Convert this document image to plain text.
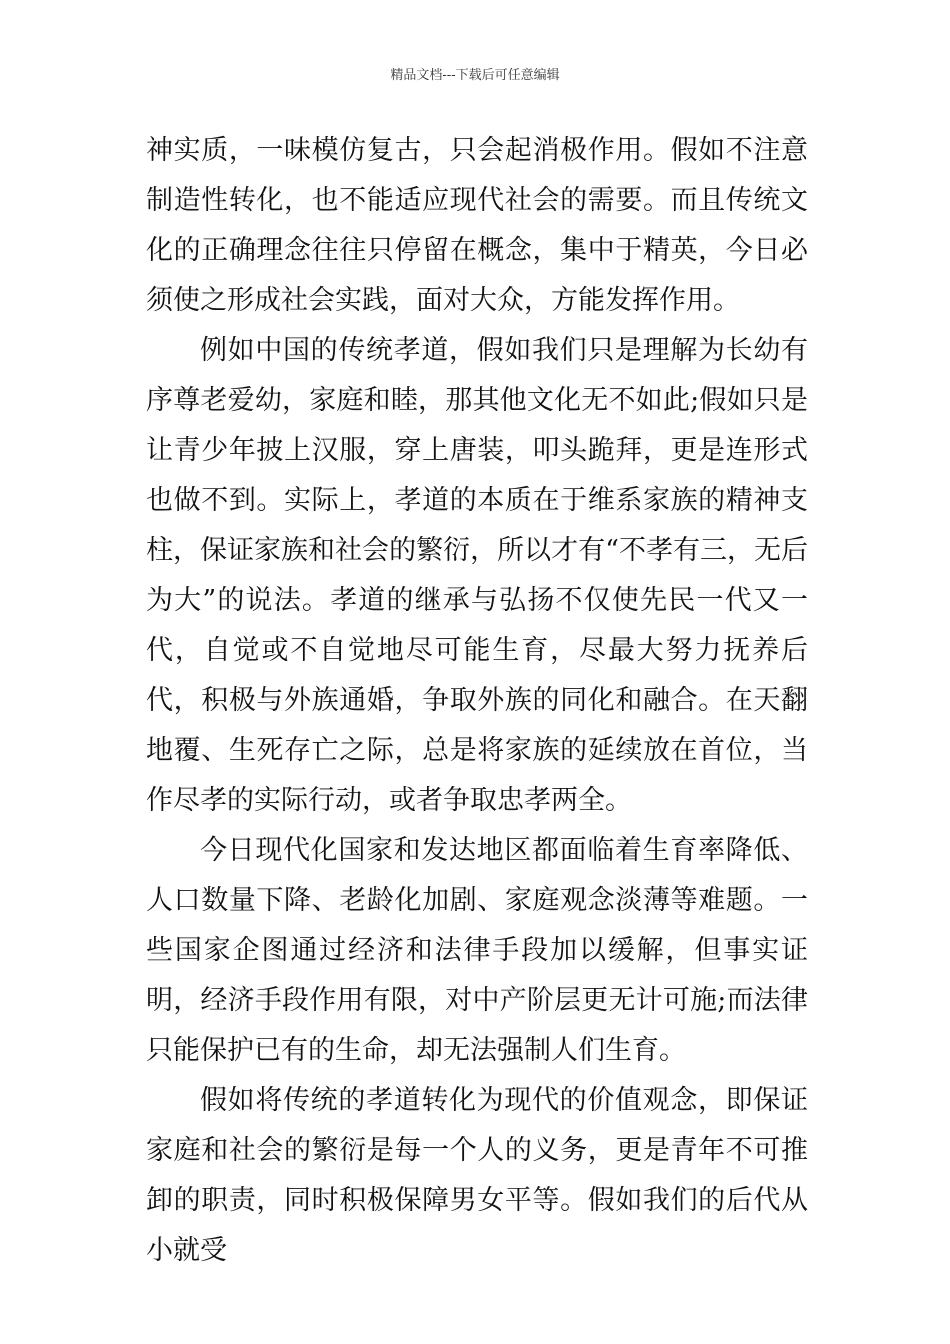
精品文档---下载后可任意编辑

神实质，一味模仿复古，只会起消极作用。假如不注意制造性转化，也不能适应现代社会的需要。而且传统文化的正确理念往往只停留在概念，集中于精英，今日必须使之形成社会实践，面对大众，方能发挥作用。

例如中国的传统孝道，假如我们只是理解为长幼有序尊老爱幼，家庭和睦，那其他文化无不如此;假如只是让青少年披上汉服，穿上唐装，叩头跪拜，更是连形式也做不到。实际上，孝道的本质在于维系家族的精神支柱，保证家族和社会的繁衍，所以才有“不孝有三，无后为大”的说法。孝道的继承与弘扬不仅使先民一代又一代，自觉或不自觉地尽可能生育，尽最大努力抚养后代，积极与外族通婚，争取外族的同化和融合。在天翻地覆、生死存亡之际，总是将家族的延续放在首位，当作尽孝的实际行动，或者争取忠孝两全。

今日现代化国家和发达地区都面临着生育率降低、人口数量下降、老龄化加剧、家庭观念淡薄等难题。一些国家企图通过经济和法律手段加以缓解，但事实证明，经济手段作用有限，对中产阶层更无计可施;而法律只能保护已有的生命，却无法强制人们生育。

假如将传统的孝道转化为现代的价值观念，即保证家庭和社会的繁衍是每一个人的义务，更是青年不可推卸的职责，同时积极保障男女平等。假如我们的后代从小就受
